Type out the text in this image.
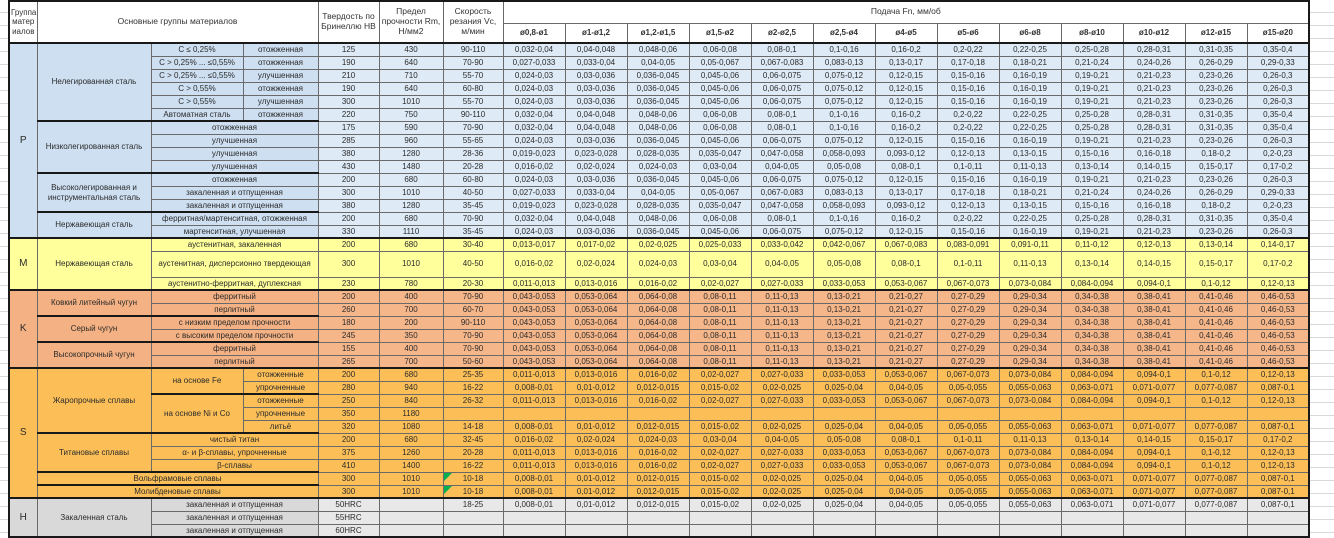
Группа матер иалов	Основные группы материалов			Твердость по Бринеллю HB	Предел прочности Rm, Н/мм2	Скорость резания Vc, м/мин	Подача Fn, мм/об												
							ø0,8-ø1	ø1-ø1,2	ø1,2-ø1,5	ø1,5-ø2	ø2-ø2,5	ø2,5-ø4	ø4-ø5	ø5-ø6	ø6-ø8	ø8-ø10	ø10-ø12	ø12-ø15	ø15-ø20
P	Нелегированная сталь	C ≤ 0,25%	отожженная	125	430	90-110	0,032-0,04	0,04-0,048	0,048-0,06	0,06-0,08	0,08-0,1	0,1-0,16	0,16-0,2	0,2-0,22	0,22-0,25	0,25-0,28	0,28-0,31	0,31-0,35	0,35-0,4
		C > 0,25% ... ≤0,55%	отожженная	190	640	70-90	0,027-0,033	0,033-0,04	0,04-0,05	0,05-0,067	0,067-0,083	0,083-0,13	0,13-0,17	0,17-0,18	0,18-0,21	0,21-0,24	0,24-0,26	0,26-0,29	0,29-0,33
		C > 0,25% ... ≤0,55%	улучшенная	210	710	55-70	0,024-0,03	0,03-0,036	0,036-0,045	0,045-0,06	0,06-0,075	0,075-0,12	0,12-0,15	0,15-0,16	0,16-0,19	0,19-0,21	0,21-0,23	0,23-0,26	0,26-0,3
		C > 0,55%	отожженная	190	640	60-80	0,024-0,03	0,03-0,036	0,036-0,045	0,045-0,06	0,06-0,075	0,075-0,12	0,12-0,15	0,15-0,16	0,16-0,19	0,19-0,21	0,21-0,23	0,23-0,26	0,26-0,3
		C > 0,55%	улучшенная	300	1010	55-70	0,024-0,03	0,03-0,036	0,036-0,045	0,045-0,06	0,06-0,075	0,075-0,12	0,12-0,15	0,15-0,16	0,16-0,19	0,19-0,21	0,21-0,23	0,23-0,26	0,26-0,3
		Автоматная сталь	отожженная	220	750	90-110	0,032-0,04	0,04-0,048	0,048-0,06	0,06-0,08	0,08-0,1	0,1-0,16	0,16-0,2	0,2-0,22	0,22-0,25	0,25-0,28	0,28-0,31	0,31-0,35	0,35-0,4
	Низколегированная сталь	отожженная		175	590	70-90	0,032-0,04	0,04-0,048	0,048-0,06	0,06-0,08	0,08-0,1	0,1-0,16	0,16-0,2	0,2-0,22	0,22-0,25	0,25-0,28	0,28-0,31	0,31-0,35	0,35-0,4
		улучшенная		285	960	55-65	0,024-0,03	0,03-0,036	0,036-0,045	0,045-0,06	0,06-0,075	0,075-0,12	0,12-0,15	0,15-0,16	0,16-0,19	0,19-0,21	0,21-0,23	0,23-0,26	0,26-0,3
		улучшенная		380	1280	28-36	0,019-0,023	0,023-0,028	0,028-0,035	0,035-0,047	0,047-0,058	0,058-0,093	0,093-0,12	0,12-0,13	0,13-0,15	0,15-0,16	0,16-0,18	0,18-0,2	0,2-0,23
		улучшенная		430	1480	20-28	0,016-0,02	0,02-0,024	0,024-0,03	0,03-0,04	0,04-0,05	0,05-0,08	0,08-0,1	0,1-0,11	0,11-0,13	0,13-0,14	0,14-0,15	0,15-0,17	0,17-0,2
	Высоколегированная и инструментальная сталь	отожженная		200	680	60-80	0,024-0,03	0,03-0,036	0,036-0,045	0,045-0,06	0,06-0,075	0,075-0,12	0,12-0,15	0,15-0,16	0,16-0,19	0,19-0,21	0,21-0,23	0,23-0,26	0,26-0,3
		закаленная и отпущенная		300	1010	40-50	0,027-0,033	0,033-0,04	0,04-0,05	0,05-0,067	0,067-0,083	0,083-0,13	0,13-0,17	0,17-0,18	0,18-0,21	0,21-0,24	0,24-0,26	0,26-0,29	0,29-0,33
		закаленная и отпущенная		380	1280	35-45	0,019-0,023	0,023-0,028	0,028-0,035	0,035-0,047	0,047-0,058	0,058-0,093	0,093-0,12	0,12-0,13	0,13-0,15	0,15-0,16	0,16-0,18	0,18-0,2	0,2-0,23
	Нержавеющая сталь	ферритная/мартенситная, отожженная		200	680	70-90	0,032-0,04	0,04-0,048	0,048-0,06	0,06-0,08	0,08-0,1	0,1-0,16	0,16-0,2	0,2-0,22	0,22-0,25	0,25-0,28	0,28-0,31	0,31-0,35	0,35-0,4
		мартенситная, улучшенная		330	1110	35-45	0,024-0,03	0,03-0,036	0,036-0,045	0,045-0,06	0,06-0,075	0,075-0,12	0,12-0,15	0,15-0,16	0,16-0,19	0,19-0,21	0,21-0,23	0,23-0,26	0,26-0,3
M	Нержавеющая сталь	аустенитная, закаленная		200	680	30-40	0,013-0,017	0,017-0,02	0,02-0,025	0,025-0,033	0,033-0,042	0,042-0,067	0,067-0,083	0,083-0,091	0,091-0,11	0,11-0,12	0,12-0,13	0,13-0,14	0,14-0,17
		аустенитная, дисперсионно твердеющая		300	1010	40-50	0,016-0,02	0,02-0,024	0,024-0,03	0,03-0,04	0,04-0,05	0,05-0,08	0,08-0,1	0,1-0,11	0,11-0,13	0,13-0,14	0,14-0,15	0,15-0,17	0,17-0,2
		аустенитно-ферритная, дуплексная		230	780	20-30	0,011-0,013	0,013-0,016	0,016-0,02	0,02-0,027	0,027-0,033	0,033-0,053	0,053-0,067	0,067-0,073	0,073-0,084	0,084-0,094	0,094-0,1	0,1-0,12	0,12-0,13
K	Ковкий литейный чугун	ферритный		200	400	70-90	0,043-0,053	0,053-0,064	0,064-0,08	0,08-0,11	0,11-0,13	0,13-0,21	0,21-0,27	0,27-0,29	0,29-0,34	0,34-0,38	0,38-0,41	0,41-0,46	0,46-0,53
		перлитный		260	700	60-70	0,043-0,053	0,053-0,064	0,064-0,08	0,08-0,11	0,11-0,13	0,13-0,21	0,21-0,27	0,27-0,29	0,29-0,34	0,34-0,38	0,38-0,41	0,41-0,46	0,46-0,53
	Серый чугун	с низким пределом прочности		180	200	90-110	0,043-0,053	0,053-0,064	0,064-0,08	0,08-0,11	0,11-0,13	0,13-0,21	0,21-0,27	0,27-0,29	0,29-0,34	0,34-0,38	0,38-0,41	0,41-0,46	0,46-0,53
		с высоким пределом прочности		245	350	70-90	0,043-0,053	0,053-0,064	0,064-0,08	0,08-0,11	0,11-0,13	0,13-0,21	0,21-0,27	0,27-0,29	0,29-0,34	0,34-0,38	0,38-0,41	0,41-0,46	0,46-0,53
	Высокопрочный чугун	ферритный		155	400	70-90	0,043-0,053	0,053-0,064	0,064-0,08	0,08-0,11	0,11-0,13	0,13-0,21	0,21-0,27	0,27-0,29	0,29-0,34	0,34-0,38	0,38-0,41	0,41-0,46	0,46-0,53
		перлитный		265	700	50-60	0,043-0,053	0,053-0,064	0,064-0,08	0,08-0,11	0,11-0,13	0,13-0,21	0,21-0,27	0,27-0,29	0,29-0,34	0,34-0,38	0,38-0,41	0,41-0,46	0,46-0,53
S	Жаропрочные сплавы	на основе Fe	отожженные	200	680	25-35	0,011-0,013	0,013-0,016	0,016-0,02	0,02-0,027	0,027-0,033	0,033-0,053	0,053-0,067	0,067-0,073	0,073-0,084	0,084-0,094	0,094-0,1	0,1-0,12	0,12-0,13
			упрочненные	280	940	16-22	0,008-0,01	0,01-0,012	0,012-0,015	0,015-0,02	0,02-0,025	0,025-0,04	0,04-0,05	0,05-0,055	0,055-0,063	0,063-0,071	0,071-0,077	0,077-0,087	0,087-0,1
		на основе Ni и Co	отожженные	250	840	26-32	0,011-0,013	0,013-0,016	0,016-0,02	0,02-0,027	0,027-0,033	0,033-0,053	0,053-0,067	0,067-0,073	0,073-0,084	0,084-0,094	0,094-0,1	0,1-0,12	0,12-0,13
			упрочненные	350	1180														
			литьё	320	1080	14-18	0,008-0,01	0,01-0,012	0,012-0,015	0,015-0,02	0,02-0,025	0,025-0,04	0,04-0,05	0,05-0,055	0,055-0,063	0,063-0,071	0,071-0,077	0,077-0,087	0,087-0,1
	Титановые сплавы	чистый титан		200	680	32-45	0,016-0,02	0,02-0,024	0,024-0,03	0,03-0,04	0,04-0,05	0,05-0,08	0,08-0,1	0,1-0,11	0,11-0,13	0,13-0,14	0,14-0,15	0,15-0,17	0,17-0,2
		α- и β-сплавы, упрочненные		375	1260	20-28	0,011-0,013	0,013-0,016	0,016-0,02	0,02-0,027	0,027-0,033	0,033-0,053	0,053-0,067	0,067-0,073	0,073-0,084	0,084-0,094	0,094-0,1	0,1-0,12	0,12-0,13
		β-сплавы		410	1400	16-22	0,011-0,013	0,013-0,016	0,016-0,02	0,02-0,027	0,027-0,033	0,033-0,053	0,053-0,067	0,067-0,073	0,073-0,084	0,084-0,094	0,094-0,1	0,1-0,12	0,12-0,13
	Вольфрамовые сплавы			300	1010	10-18	0,008-0,01	0,01-0,012	0,012-0,015	0,015-0,02	0,02-0,025	0,025-0,04	0,04-0,05	0,05-0,055	0,055-0,063	0,063-0,071	0,071-0,077	0,077-0,087	0,087-0,1
	Молибденовые сплавы			300	1010	10-18	0,008-0,01	0,01-0,012	0,012-0,015	0,015-0,02	0,02-0,025	0,025-0,04	0,04-0,05	0,05-0,055	0,055-0,063	0,063-0,071	0,071-0,077	0,077-0,087	0,087-0,1
H	Закаленная сталь	закаленная и отпущенная		50HRC		18-25	0,008-0,01	0,01-0,012	0,012-0,015	0,015-0,02	0,02-0,025	0,025-0,04	0,04-0,05	0,05-0,055	0,055-0,063	0,063-0,071	0,071-0,077	0,077-0,087	0,087-0,1
		закаленная и отпущенная		55HRC															
		закаленная и отпущенная		60HRC															
